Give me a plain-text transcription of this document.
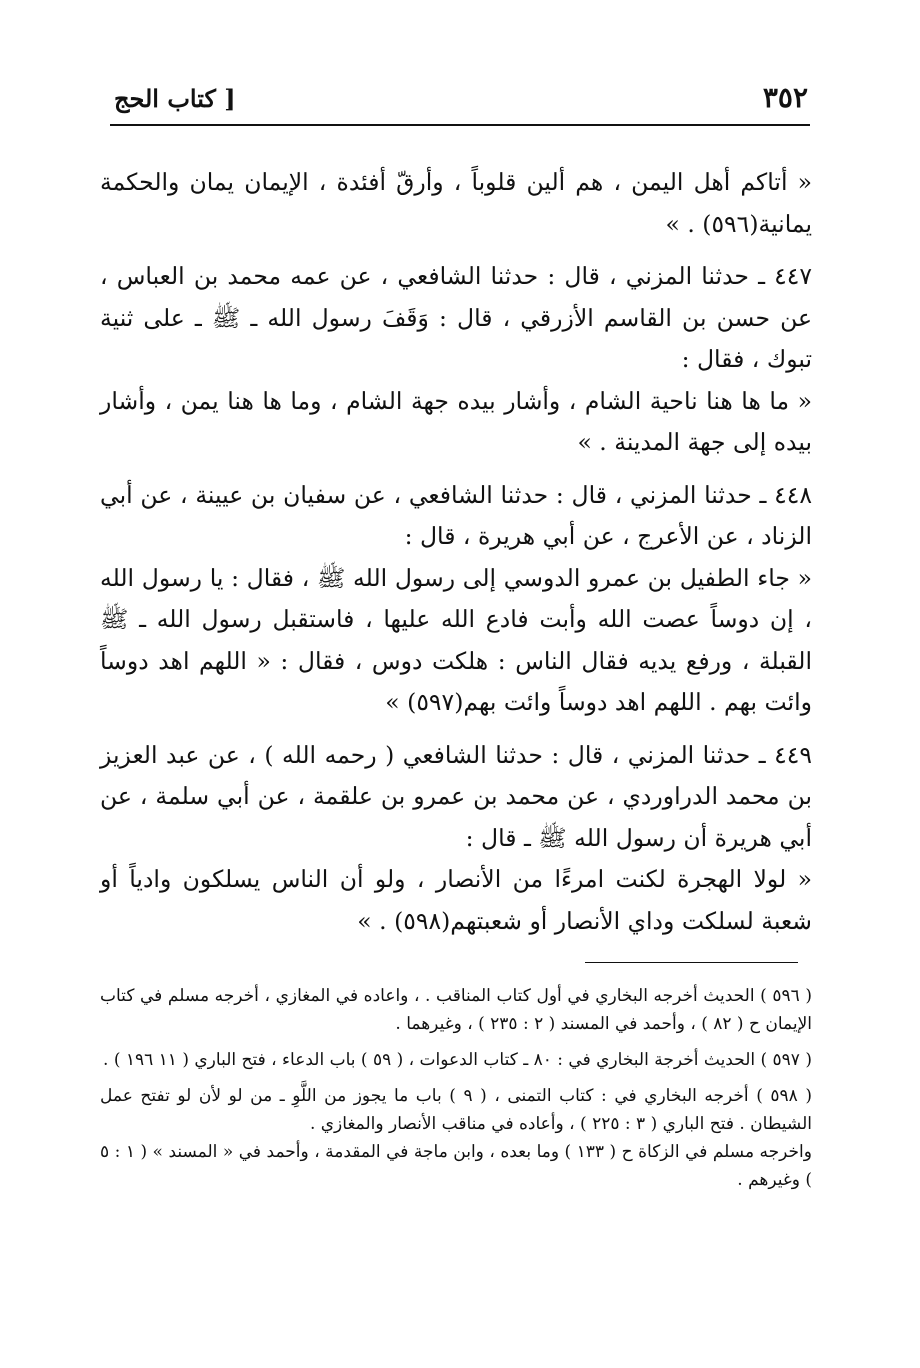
٣٥٢
[ كتاب الحج

« أتاكم أهل اليمن ، هم ألين قلوباً ، وأرقّ أفئدة ، الإيمان يمان والحكمة يمانية(٥٩٦) . »

٤٤٧ ـ حدثنا المزني ، قال : حدثنا الشافعي ، عن عمه محمد بن العباس ، عن حسن بن القاسم الأزرقي ، قال : وَقَفَ رسول الله ـ ﷺ ـ على ثنية تبوك ، فقال :

« ما ها هنا ناحية الشام ، وأشار بيده جهة الشام ، وما ها هنا يمن ، وأشار بيده إلى جهة المدينة . »

٤٤٨ ـ حدثنا المزني ، قال : حدثنا الشافعي ، عن سفيان بن عيينة ، عن أبي الزناد ، عن الأعرج ، عن أبي هريرة ، قال :

« جاء الطفيل بن عمرو الدوسي إلى رسول الله ﷺ ، فقال : يا رسول الله ، إن دوساً عصت الله وأبت فادع الله عليها ، فاستقبل رسول الله ـ ﷺ القبلة ، ورفع يديه فقال الناس : هلكت دوس ، فقال : « اللهم اهد دوساً وائت بهم . اللهم اهد دوساً وائت بهم(٥٩٧) »

٤٤٩ ـ حدثنا المزني ، قال : حدثنا الشافعي ( رحمه الله ) ، عن عبد العزيز بن محمد الدراوردي ، عن محمد بن عمرو بن علقمة ، عن أبي سلمة ، عن أبي هريرة أن رسول الله ﷺ ـ قال :

« لولا الهجرة لكنت امرءًا من الأنصار ، ولو أن الناس يسلكون وادياً أو شعبة لسلكت وداي الأنصار أو شعبتهم(٥٩٨) . »

( ٥٩٦ ) الحديث أخرجه البخاري في أول كتاب المناقب . ، واعاده في المغازي ، أخرجه مسلم في كتاب الإيمان ح ( ٨٢ ) ، وأحمد في المسند ( ٢ : ٢٣٥ ) ، وغيرهما .

( ٥٩٧ ) الحديث أخرجة البخاري في : ٨٠ ـ كتاب الدعوات ، ( ٥٩ ) باب الدعاء ، فتح الباري ( ١١ ١٩٦ ) .

( ٥٩٨ ) أخرجه البخاري في : كتاب التمنى ، ( ٩ ) باب ما يجوز من اللَّوِ ـ من لو لأن لو تفتح عمل الشيطان . فتح الباري ( ٣ : ٢٢٥ ) ، وأعاده في مناقب الأنصار والمغازي .

واخرجه مسلم في الزكاة ح ( ١٣٣ ) وما بعده ، وابن ماجة في المقدمة ، وأحمد في « المسند » ( ١ : ٥ ) وغيرهم .
